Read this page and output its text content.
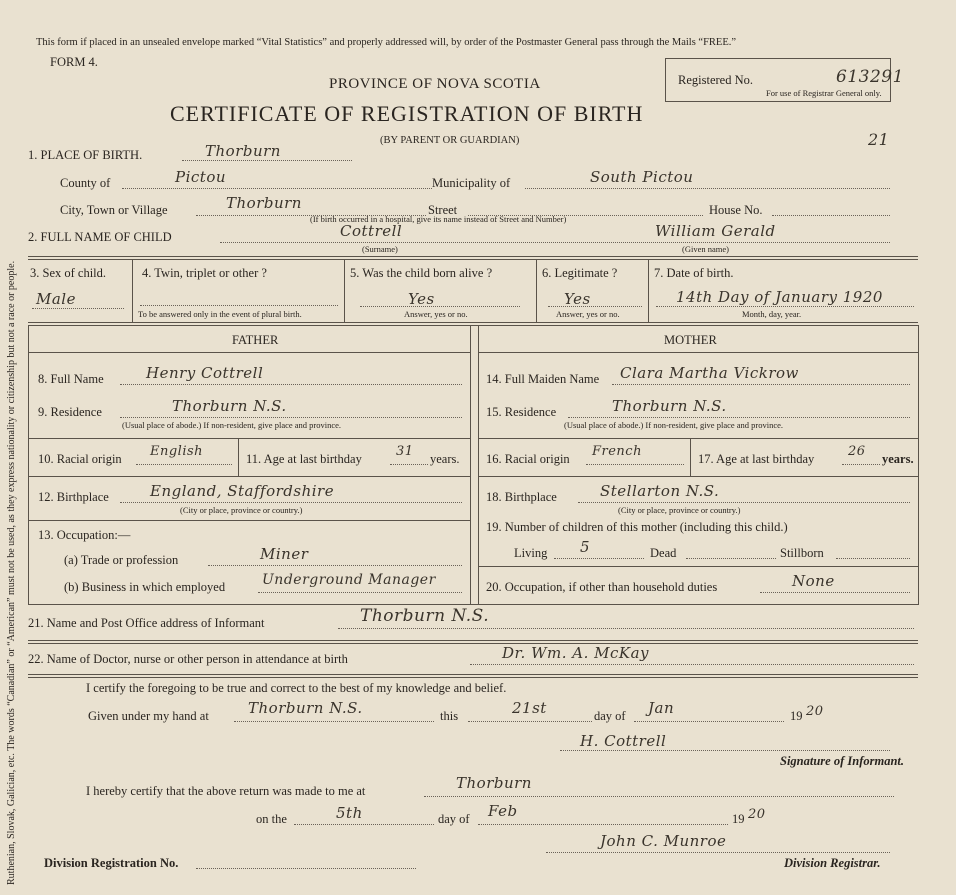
Ruthenian, Slovak, Galician, etc. The words “Canadian” or “American” must not be used, as they express nationality or citizenship but not a race or people.
This form if placed in an unsealed envelope marked “Vital Statistics” and properly addressed will, by order of the Postmaster General pass through the Mails “FREE.”
FORM 4.
PROVINCE OF NOVA SCOTIA
CERTIFICATE OF REGISTRATION OF BIRTH
(BY PARENT OR GUARDIAN)
Registered No.	613291
For use of Registrar General only.
21
1. PLACE OF BIRTH.	Thorburn
County of	Pictou	Municipality of	South Pictou
City, Town or Village	Thorburn	Street
(If birth occurred in a hospital, give its name instead of Street and Number)
House No.
2. FULL NAME OF CHILD	Cottrell
(Surname)
William Gerald
(Given name)
3. Sex of child.
Male
4. Twin, triplet or other ?
To be answered only in the event of plural birth.
5. Was the child born alive ?
Yes
Answer, yes or no.
6. Legitimate ?
Yes
Answer, yes or no.
7. Date of birth.
14th Day of January 1920
Month, day, year.
FATHER	MOTHER
8. Full Name	Henry Cottrell
9. Residence	Thorburn N.S.
(Usual place of abode.) If non-resident, give place and province.
10. Racial origin English	11. Age at last birthday	31 years.
12. Birthplace	England, Staffordshire
(City or place, province or country.)
13. Occupation:—
(a) Trade or profession	Miner
(b) Business in which employed	Underground Manager
14. Full Maiden Name Clara Martha Vickrow
15. Residence	Thorburn N.S.
(Usual place of abode.) If non-resident, give place and province.
16. Racial origin French	17. Age at last birthday	26 years.
18. Birthplace	Stellarton N.S.
(City or place, province or country.)
19. Number of children of this mother (including this child.)
Living 5	Dead	Stillborn
20. Occupation, if other than household duties	None
21. Name and Post Office address of Informant	Thorburn N.S.
22. Name of Doctor, nurse or other person in attendance at birth	Dr. Wm. A. McKay
I certify the foregoing to be true and correct to the best of my knowledge and belief.
Given under my hand at	Thorburn N.S.	this	21st	day of Jan	19 20
H. Cottrell
Signature of Informant.
I hereby certify that the above return was made to me at	Thorburn
on the	5th	day of Feb	19 20
Division Registration No.
John C. Munroe
Division Registrar.
